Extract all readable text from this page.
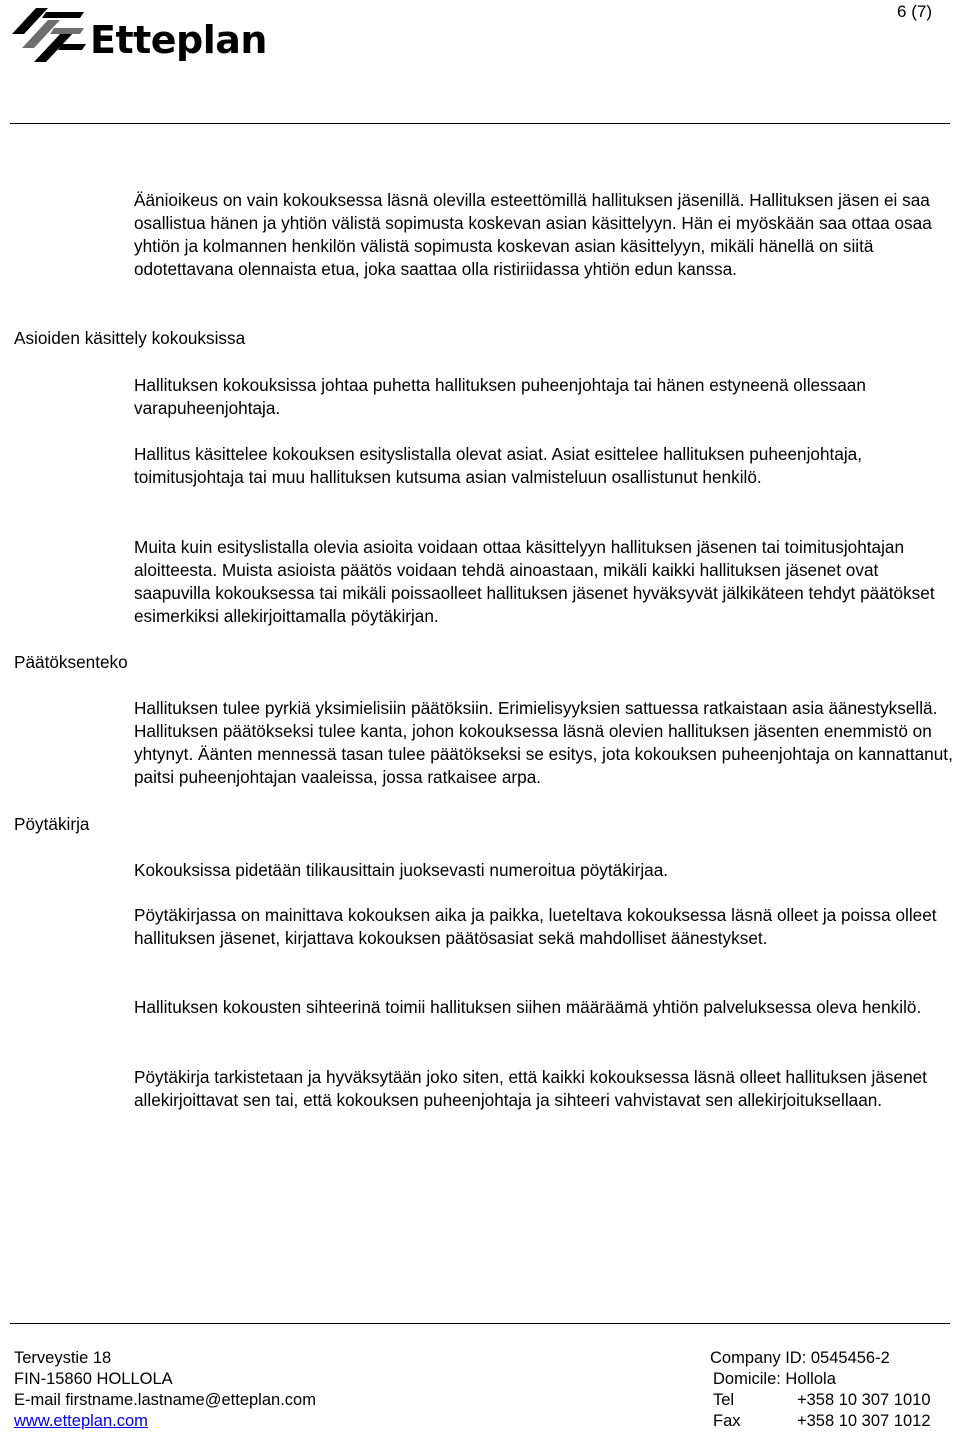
Etteplan
6 (7)

Äänioikeus on vain kokouksessa läsnä olevilla esteettömillä hallituksen jäsenillä. Hallituksen jäsen ei saa osallistua hänen ja yhtiön välistä sopimusta koskevan asian käsittelyyn. Hän ei myöskään saa ottaa osaa yhtiön ja kolmannen henkilön välistä sopimusta koskevan asian käsittelyyn, mikäli hänellä on siitä odotettavana olennaista etua, joka saattaa olla ristiriidassa yhtiön edun kanssa.

Asioiden käsittely kokouksissa

Hallituksen kokouksissa johtaa puhetta hallituksen puheenjohtaja tai hänen estyneenä ollessaan varapuheenjohtaja.

Hallitus käsittelee kokouksen esityslistalla olevat asiat. Asiat esittelee hallituksen puheenjohtaja, toimitusjohtaja tai muu hallituksen kutsuma asian valmisteluun osallistunut henkilö.

Muita kuin esityslistalla olevia asioita voidaan ottaa käsittelyyn hallituksen jäsenen tai toimitusjohtajan aloitteesta. Muista asioista päätös voidaan tehdä ainoastaan, mikäli kaikki hallituksen jäsenet ovat saapuvilla kokouksessa tai mikäli poissaolleet hallituksen jäsenet hyväksyvät jälkikäteen tehdyt päätökset esimerkiksi allekirjoittamalla pöytäkirjan.

Päätöksenteko

Hallituksen tulee pyrkiä yksimielisiin päätöksiin. Erimielisyyksien sattuessa ratkaistaan asia äänestyksellä. Hallituksen päätökseksi tulee kanta, johon kokouksessa läsnä olevien hallituksen jäsenten enemmistö on yhtynyt. Äänten mennessä tasan tulee päätökseksi se esitys, jota kokouksen puheenjohtaja on kannattanut, paitsi puheenjohtajan vaaleissa, jossa ratkaisee arpa.

Pöytäkirja

Kokouksissa pidetään tilikausittain juoksevasti numeroitua pöytäkirjaa.

Pöytäkirjassa on mainittava kokouksen aika ja paikka, lueteltava kokouksessa läsnä olleet ja poissa olleet hallituksen jäsenet, kirjattava kokouksen päätösasiat sekä mahdolliset äänestykset.

Hallituksen kokousten sihteerinä toimii hallituksen siihen määräämä yhtiön palveluksessa oleva henkilö.

Pöytäkirja tarkistetaan ja hyväksytään joko siten, että kaikki kokouksessa läsnä olleet hallituksen jäsenet allekirjoittavat sen tai, että kokouksen puheenjohtaja ja sihteeri vahvistavat sen allekirjoituksellaan.

Terveystie 18

FIN-15860 HOLLOLA

E-mail firstname.lastname@etteplan.com

www.etteplan.com

Company ID: 0545456-2

Domicile: Hollola

Tel	+358 10 307 1010

Fax	+358 10 307 1012
